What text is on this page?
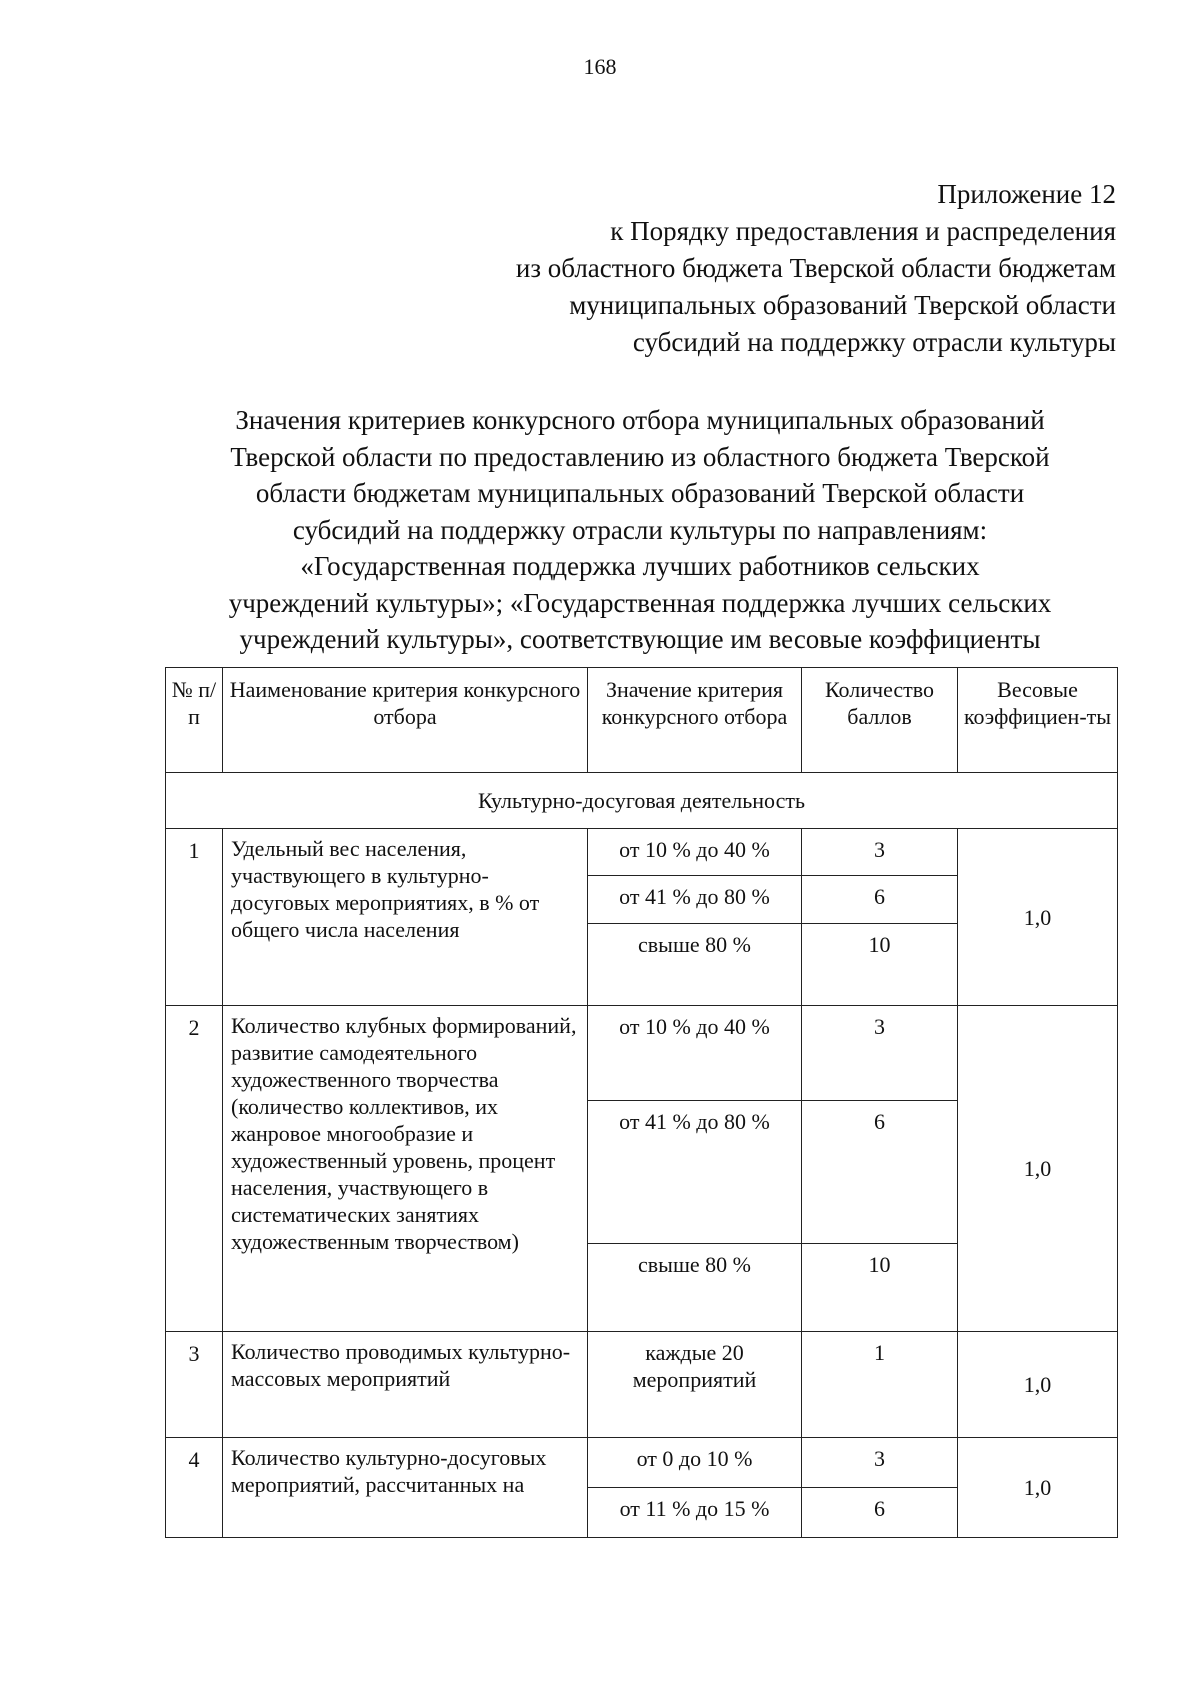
168
Приложение 12
к Порядку предоставления и распределения
из областного бюджета Тверской области бюджетам
муниципальных образований Тверской области
субсидий на поддержку отрасли культуры
Значения критериев конкурсного отбора муниципальных образований
Тверской области по предоставлению из областного бюджета Тверской
области бюджетам муниципальных образований Тверской области
субсидий на поддержку отрасли культуры по направлениям:
«Государственная поддержка лучших работников сельских
учреждений культуры»; «Государственная поддержка лучших сельских
учреждений культуры», соответствующие им весовые коэффициенты
№ п/п	Наименование критерия конкурсного отбора	Значение критерия конкурсного отбора	Количество баллов	Весовые коэффициен-ты
Культурно-досуговая деятельность				
1	Удельный вес населения, участвующего в культурно-досуговых мероприятиях, в % от общего числа населения	от 10 % до 40 %	3	1,0
		от 41 % до 80 %	6	
		свыше 80 %	10	
2	Количество клубных формирований, развитие самодеятельного художественного творчества (количество коллективов, их жанровое многообразие и художественный уровень, процент населения, участвующего в систематических занятиях художественным творчеством)	от 10 % до 40 %	3	1,0
		от 41 % до 80 %	6	
		свыше 80 %	10	
3	Количество проводимых культурно-массовых мероприятий	каждые 20 мероприятий	1	1,0
4	Количество культурно-досуговых мероприятий, рассчитанных на	от 0 до 10 %	3	1,0
		от 11 % до 15 %	6	
